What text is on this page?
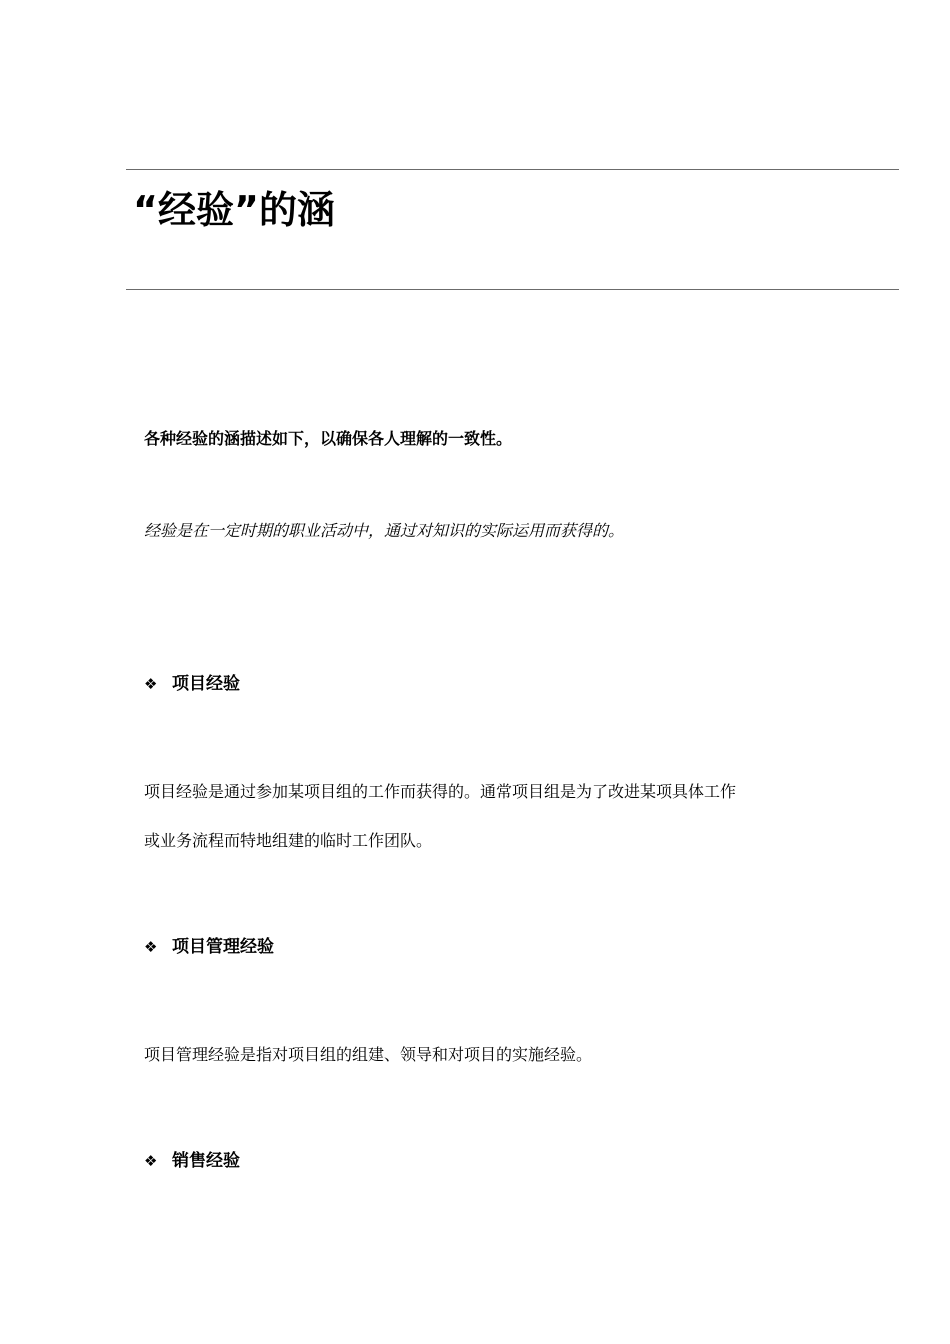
“经验”的涵
各种经验的涵描述如下，以确保各人理解的一致性。
经验是在一定时期的职业活动中，通过对知识的实际运用而获得的。
❖ 项目经验
项目经验是通过参加某项目组的工作而获得的。通常项目组是为了改进某项具体工作
或业务流程而特地组建的临时工作团队。
❖ 项目管理经验
项目管理经验是指对项目组的组建、领导和对项目的实施经验。
❖ 销售经验
